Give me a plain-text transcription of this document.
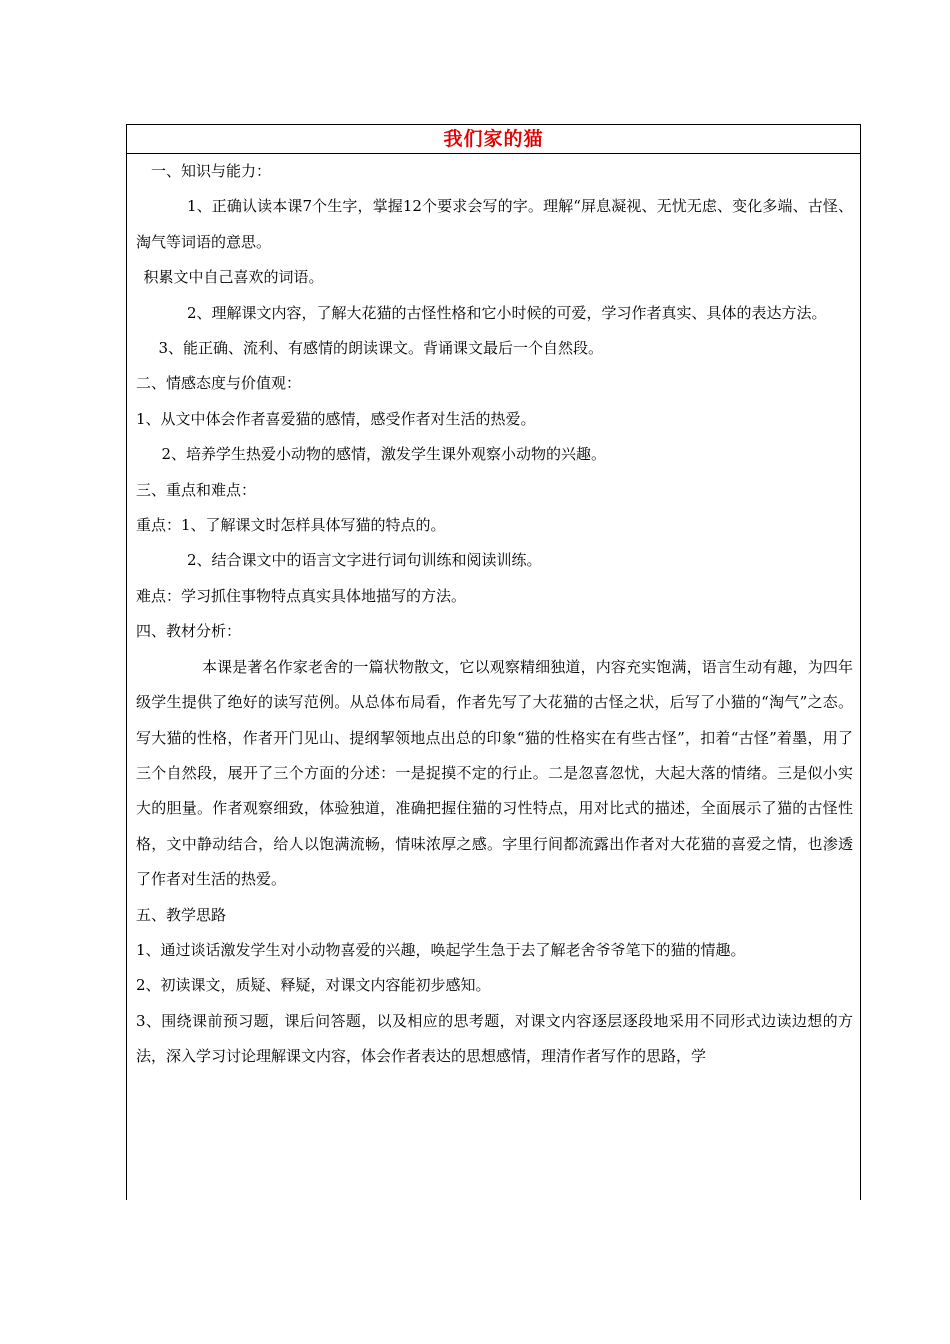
我们家的猫

一、知识与能力：

1、正确认读本课7个生字，掌握12个要求会写的字。理解“屏息凝视、无忧无虑、变化多端、古怪、淘气等词语的意思。

积累文中自己喜欢的词语。

2、理解课文内容，了解大花猫的古怪性格和它小时候的可爱，学习作者真实、具体的表达方法。

3、能正确、流利、有感情的朗读课文。背诵课文最后一个自然段。

二、情感态度与价值观：

1、从文中体会作者喜爱猫的感情，感受作者对生活的热爱。

2、培养学生热爱小动物的感情，激发学生课外观察小动物的兴趣。

三、重点和难点：

重点：1、了解课文时怎样具体写猫的特点的。

2、结合课文中的语言文字进行词句训练和阅读训练。

难点：学习抓住事物特点真实具体地描写的方法。

四、教材分析：

本课是著名作家老舍的一篇状物散文，它以观察精细独道，内容充实饱满，语言生动有趣，为四年级学生提供了绝好的读写范例。从总体布局看，作者先写了大花猫的古怪之状，后写了小猫的“淘气”之态。写大猫的性格，作者开门见山、提纲挈领地点出总的印象“猫的性格实在有些古怪”，扣着“古怪”着墨，用了三个自然段，展开了三个方面的分述：一是捉摸不定的行止。二是忽喜忽忧，大起大落的情绪。三是似小实大的胆量。作者观察细致，体验独道，准确把握住猫的习性特点，用对比式的描述，全面展示了猫的古怪性格，文中静动结合，给人以饱满流畅，情味浓厚之感。字里行间都流露出作者对大花猫的喜爱之情，也渗透了作者对生活的热爱。

五、教学思路

1、通过谈话激发学生对小动物喜爱的兴趣，唤起学生急于去了解老舍爷爷笔下的猫的情趣。

2、初读课文，质疑、释疑，对课文内容能初步感知。

3、围绕课前预习题，课后问答题，以及相应的思考题，对课文内容逐层逐段地采用不同形式边读边想的方法，深入学习讨论理解课文内容，体会作者表达的思想感情，理清作者写作的思路，学
